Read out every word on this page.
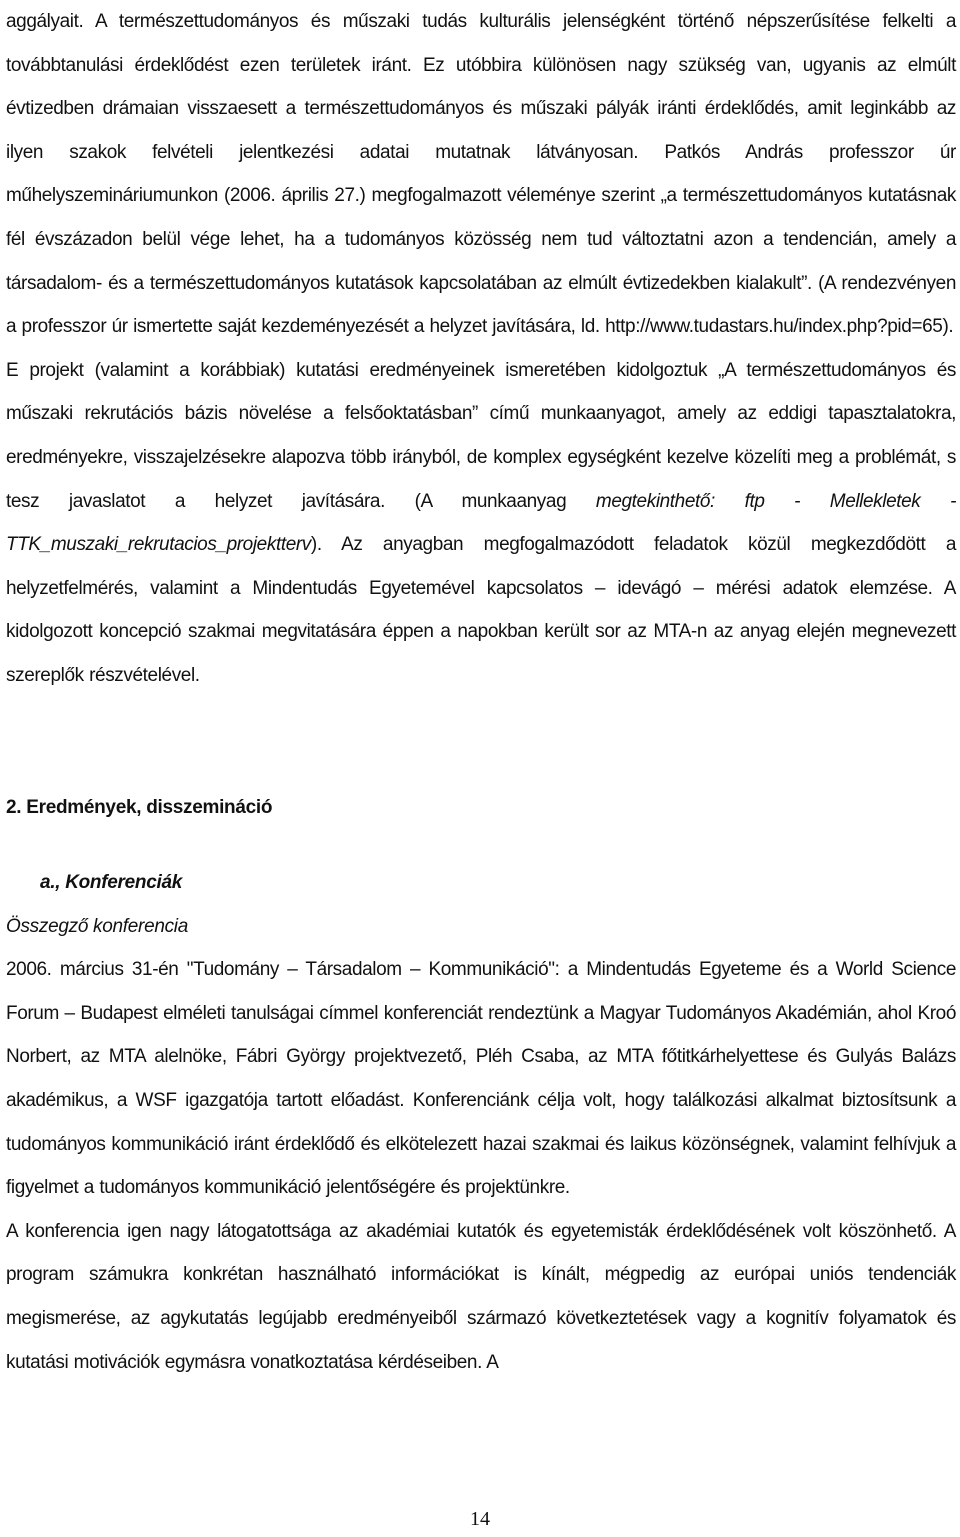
aggályait. A természettudományos és műszaki tudás kulturális jelenségként történő népszerűsítése felkelti a továbbtanulási érdeklődést ezen területek iránt. Ez utóbbira különösen nagy szükség van, ugyanis az elmúlt évtizedben drámaian visszaesett a természettudományos és műszaki pályák iránti érdeklődés, amit leginkább az ilyen szakok felvételi jelentkezési adatai mutatnak látványosan. Patkós András professzor úr műhelyszemináriumunkon (2006. április 27.) megfogalmazott véleménye szerint „a természettudományos kutatásnak fél évszázadon belül vége lehet, ha a tudományos közösség nem tud változtatni azon a tendencián, amely a társadalom- és a természettudományos kutatások kapcsolatában az elmúlt évtizedekben kialakult”. (A rendezvényen a professzor úr ismertette saját kezdeményezését a helyzet javítására, ld. http://www.tudastars.hu/index.php?pid=65).

E projekt (valamint a korábbiak) kutatási eredményeinek ismeretében kidolgoztuk „A természettudományos és műszaki rekrutációs bázis növelése a felsőoktatásban” című munkaanyagot, amely az eddigi tapasztalatokra, eredményekre, visszajelzésekre alapozva több irányból, de komplex egységként kezelve közelíti meg a problémát, s tesz javaslatot a helyzet javítására. (A munkaanyag megtekinthető: ftp - Mellekletek - TTK_muszaki_rekrutacios_projektterv). Az anyagban megfogalmazódott feladatok közül megkezdődött a helyzetfelmérés, valamint a Mindentudás Egyetemével kapcsolatos – idevágó – mérési adatok elemzése. A kidolgozott koncepció szakmai megvitatására éppen a napokban került sor az MTA-n az anyag elején megnevezett szereplők részvételével.

2. Eredmények, disszemináció

a., Konferenciák

Összegző konferencia

2006. március 31-én "Tudomány – Társadalom – Kommunikáció": a Mindentudás Egyeteme és a World Science Forum – Budapest elméleti tanulságai címmel konferenciát rendeztünk a Magyar Tudományos Akadémián, ahol Kroó Norbert, az MTA alelnöke, Fábri György projektvezető, Pléh Csaba, az MTA főtitkárhelyettese és Gulyás Balázs akadémikus, a WSF igazgatója tartott előadást. Konferenciánk célja volt, hogy találkozási alkalmat biztosítsunk a tudományos kommunikáció iránt érdeklődő és elkötelezett hazai szakmai és laikus közönségnek, valamint felhívjuk a figyelmet a tudományos kommunikáció jelentőségére és projektünkre.

A konferencia igen nagy látogatottsága az akadémiai kutatók és egyetemisták érdeklődésének volt köszönhető. A program számukra konkrétan használható információkat is kínált, mégpedig az európai uniós tendenciák megismerése, az agykutatás legújabb eredményeiből származó következtetések vagy a kognitív folyamatok és kutatási motivációk egymásra vonatkoztatása kérdéseiben. A

14
